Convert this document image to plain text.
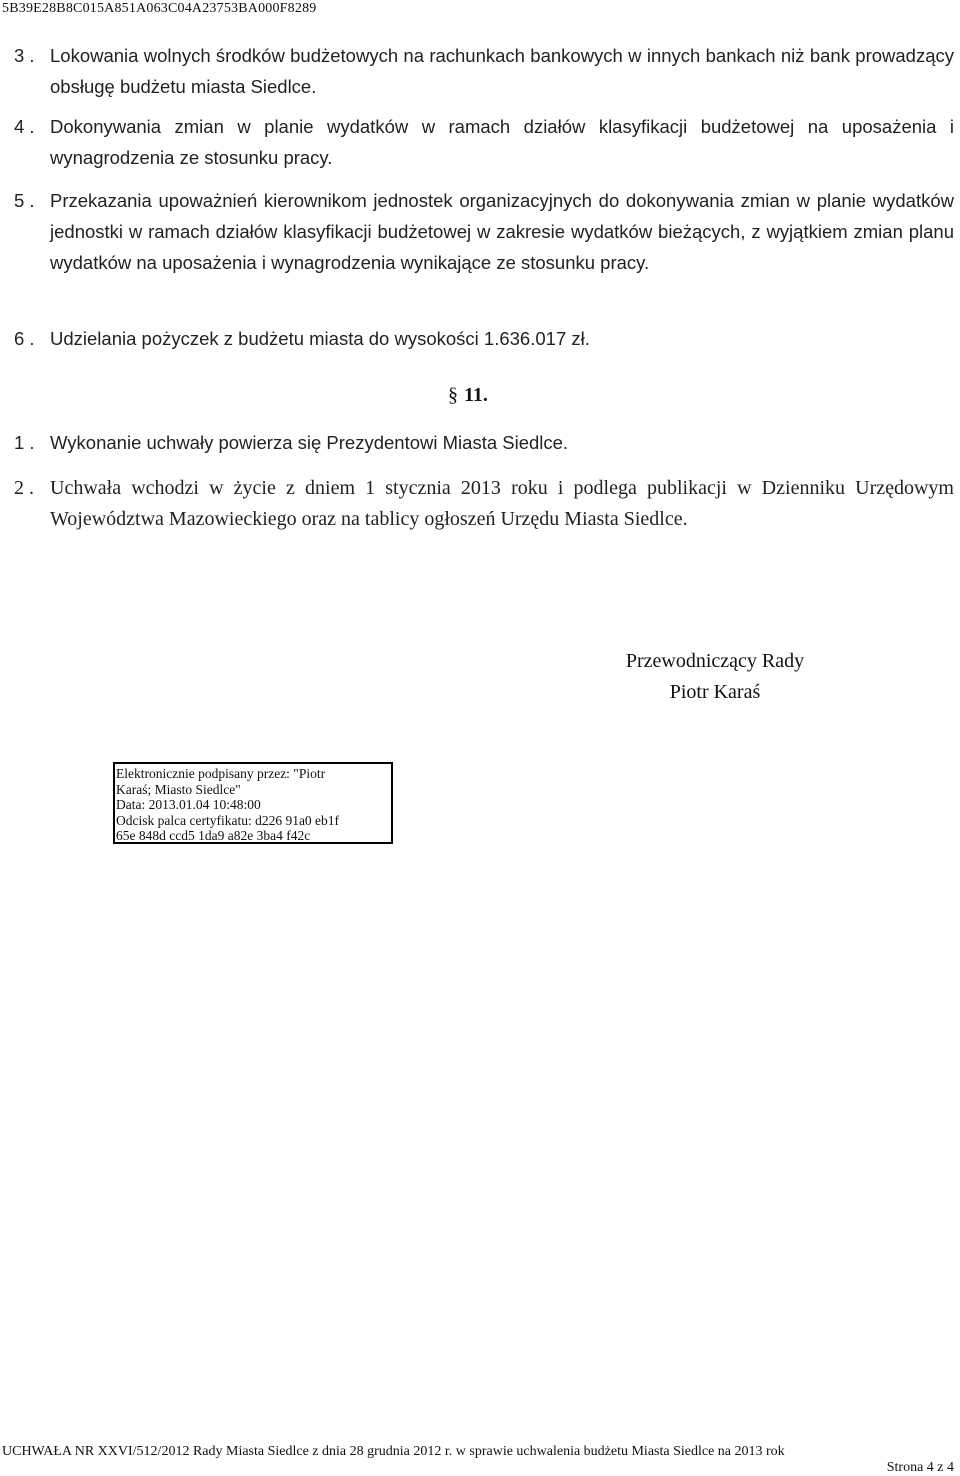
5B39E28B8C015A851A063C04A23753BA000F8289
3 . Lokowania wolnych środków budżetowych na rachunkach bankowych w innych bankach niż bank prowadzący obsługę budżetu miasta Siedlce.
4 . Dokonywania zmian w planie wydatków w ramach działów klasyfikacji budżetowej na uposażenia i wynagrodzenia ze stosunku pracy.
5 . Przekazania upoważnień kierownikom jednostek organizacyjnych do dokonywania zmian w planie wydatków jednostki w ramach działów klasyfikacji budżetowej w zakresie wydatków bieżących, z wyjątkiem zmian planu wydatków na uposażenia i wynagrodzenia wynikające ze stosunku pracy.
6 . Udzielania pożyczek z budżetu miasta do wysokości 1.636.017 zł.
§ 11.
1 . Wykonanie uchwały powierza się Prezydentowi Miasta Siedlce.
2 . Uchwała wchodzi w życie z dniem 1 stycznia 2013 roku i podlega publikacji w Dzienniku Urzędowym Województwa Mazowieckiego oraz na tablicy ogłoszeń Urzędu Miasta Siedlce.
Przewodniczący Rady
Piotr Karaś
Elektronicznie podpisany przez: "Piotr
Karaś; Miasto Siedlce"
Data: 2013.01.04 10:48:00
Odcisk palca certyfikatu: d226 91a0 eb1f
65e 848d ccd5 1da9 a82e 3ba4 f42c
UCHWAŁA NR XXVI/512/2012 Rady Miasta Siedlce z dnia 28 grudnia 2012 r. w sprawie uchwalenia budżetu Miasta Siedlce na 2013 rok
Strona 4 z 4
